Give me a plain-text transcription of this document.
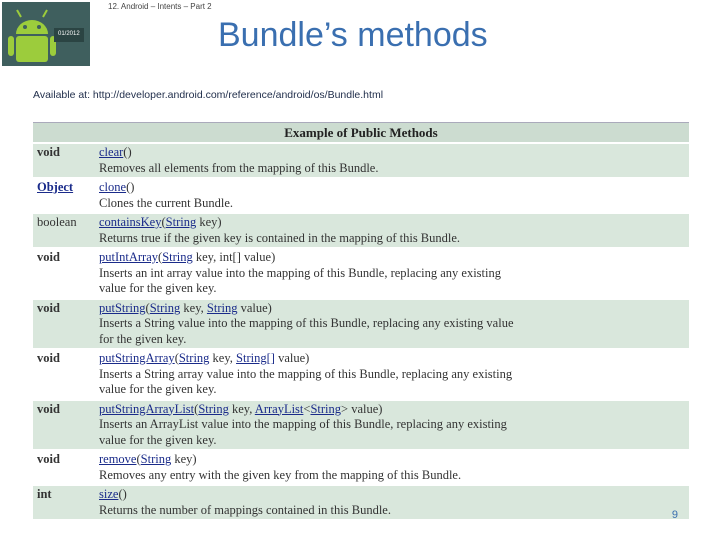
01/2012
12. Android – Intents – Part 2
Bundle’s methods
Available at: http://developer.android.com/reference/android/os/Bundle.html
Example of Public Methods	
void	clear()
Removes all elements from the mapping of this Bundle.

Object	clone()
Clones the current Bundle.

boolean	containsKey(String key)
Returns true if the given key is contained in the mapping of this Bundle.

void	putIntArray(String key, int[] value)
Inserts an int array value into the mapping of this Bundle, replacing any existing value for the given key.

void	putString(String key, String value)
Inserts a String value into the mapping of this Bundle, replacing any existing value for the given key.

void	putStringArray(String key, String[] value)
Inserts a String array value into the mapping of this Bundle, replacing any existing value for the given key.

void	putStringArrayList(String key, ArrayList<String> value)
Inserts an ArrayList value into the mapping of this Bundle, replacing any existing value for the given key.

void	remove(String key)
Removes any entry with the given key from the mapping of this Bundle.

int	size()
Returns the number of mappings contained in this Bundle.	9
